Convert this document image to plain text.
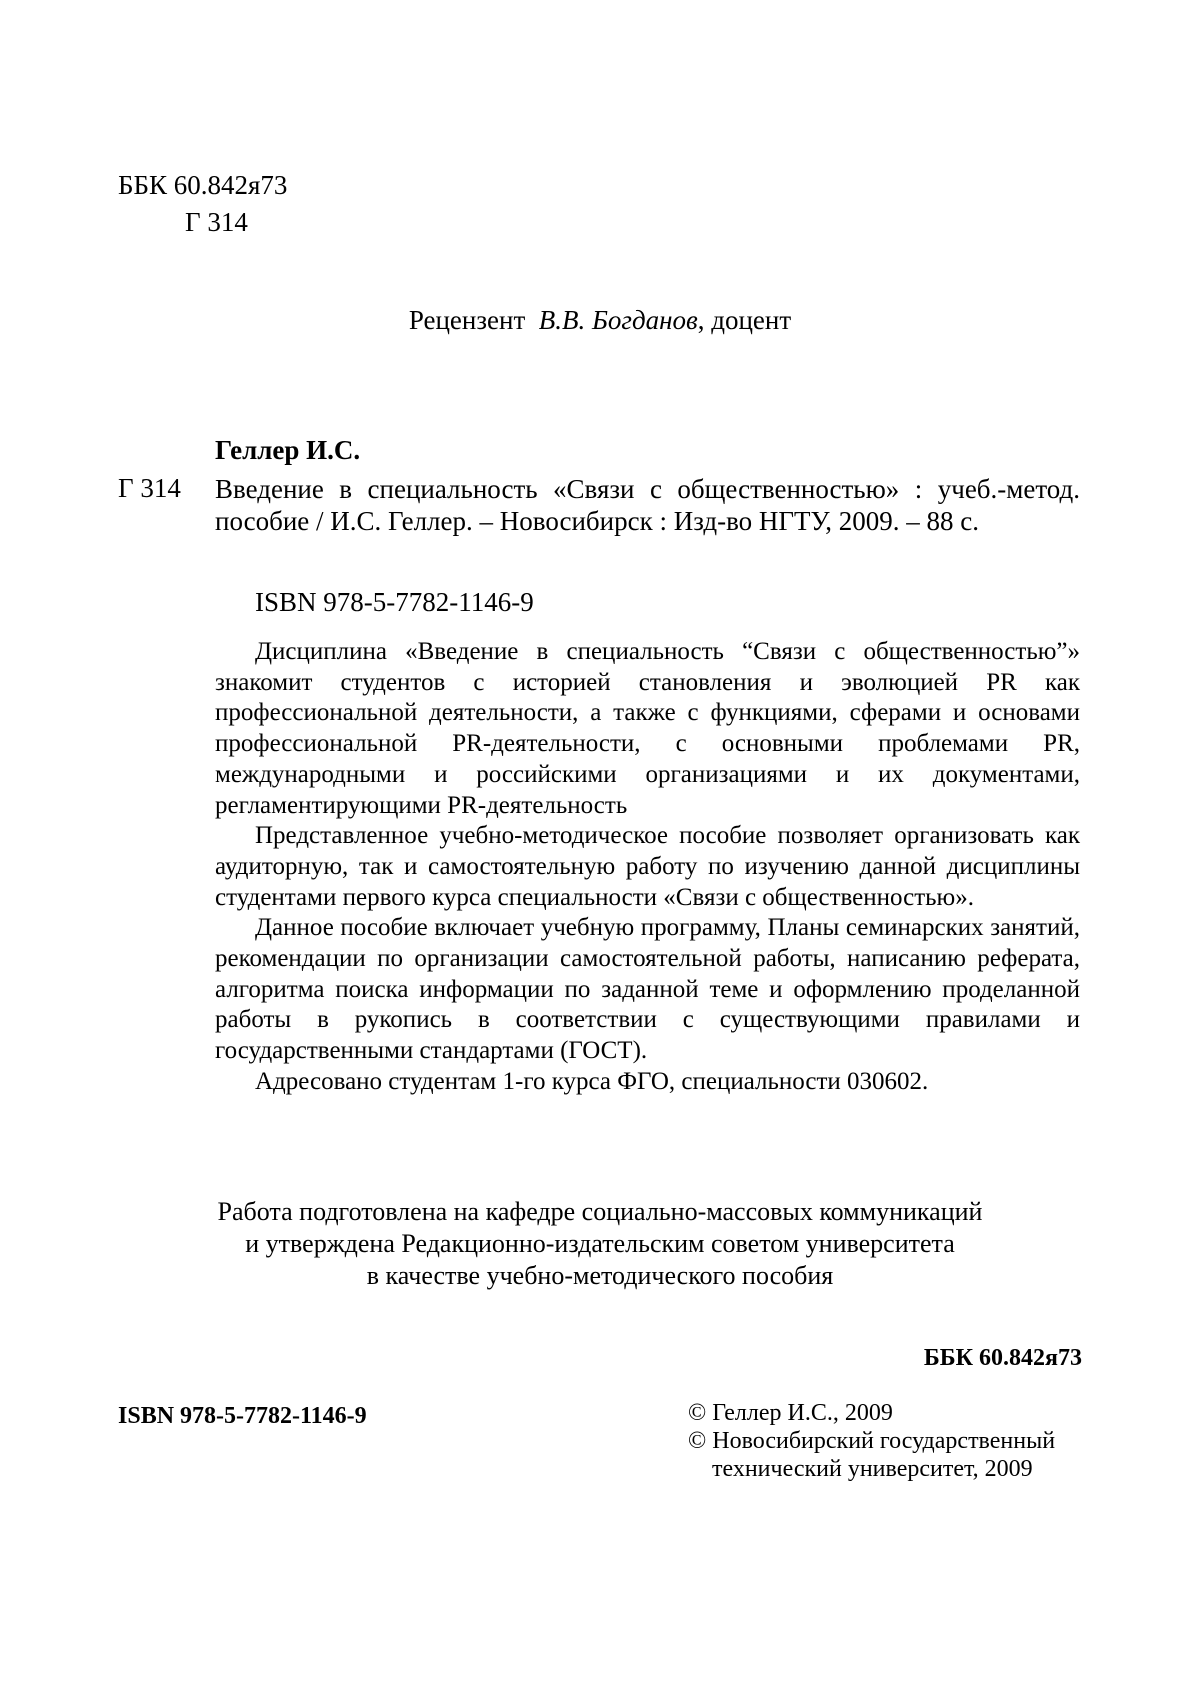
ББК 60.842я73
Г 314
Рецензент В.В. Богданов, доцент
Геллер И.С.
Г 314 Введение в специальность «Связи с общественностью» : учеб.-метод. пособие / И.С. Геллер. – Новосибирск : Изд-во НГТУ, 2009. – 88 с.
ISBN 978-5-7782-1146-9

Дисциплина «Введение в специальность “Связи с общественностью”» знакомит студентов с историей становления и эволюцией PR как профессиональной деятельности, а также с функциями, сферами и основами профессиональной PR-деятельности, с основными проблемами PR, международными и российскими организациями и их документами, регламентирующими PR-деятельность

Представленное учебно-методическое пособие позволяет организовать как аудиторную, так и самостоятельную работу по изучению данной дисциплины студентами первого курса специальности «Связи с общественностью».

Данное пособие включает учебную программу, Планы семинарских занятий, рекомендации по организации самостоятельной работы, написанию реферата, алгоритма поиска информации по заданной теме и оформлению проделанной работы в рукопись в соответствии с существующими правилами и государственными стандартами (ГОСТ).

Адресовано студентам 1-го курса ФГО, специальности 030602.

Работа подготовлена на кафедре социально-массовых коммуникаций
и утверждена Редакционно-издательским советом университета
в качестве учебно-методического пособия
ББК 60.842я73
ISBN 978-5-7782-1146-9	© Геллер И.С., 2009
© Новосибирский государственный
технический университет, 2009
